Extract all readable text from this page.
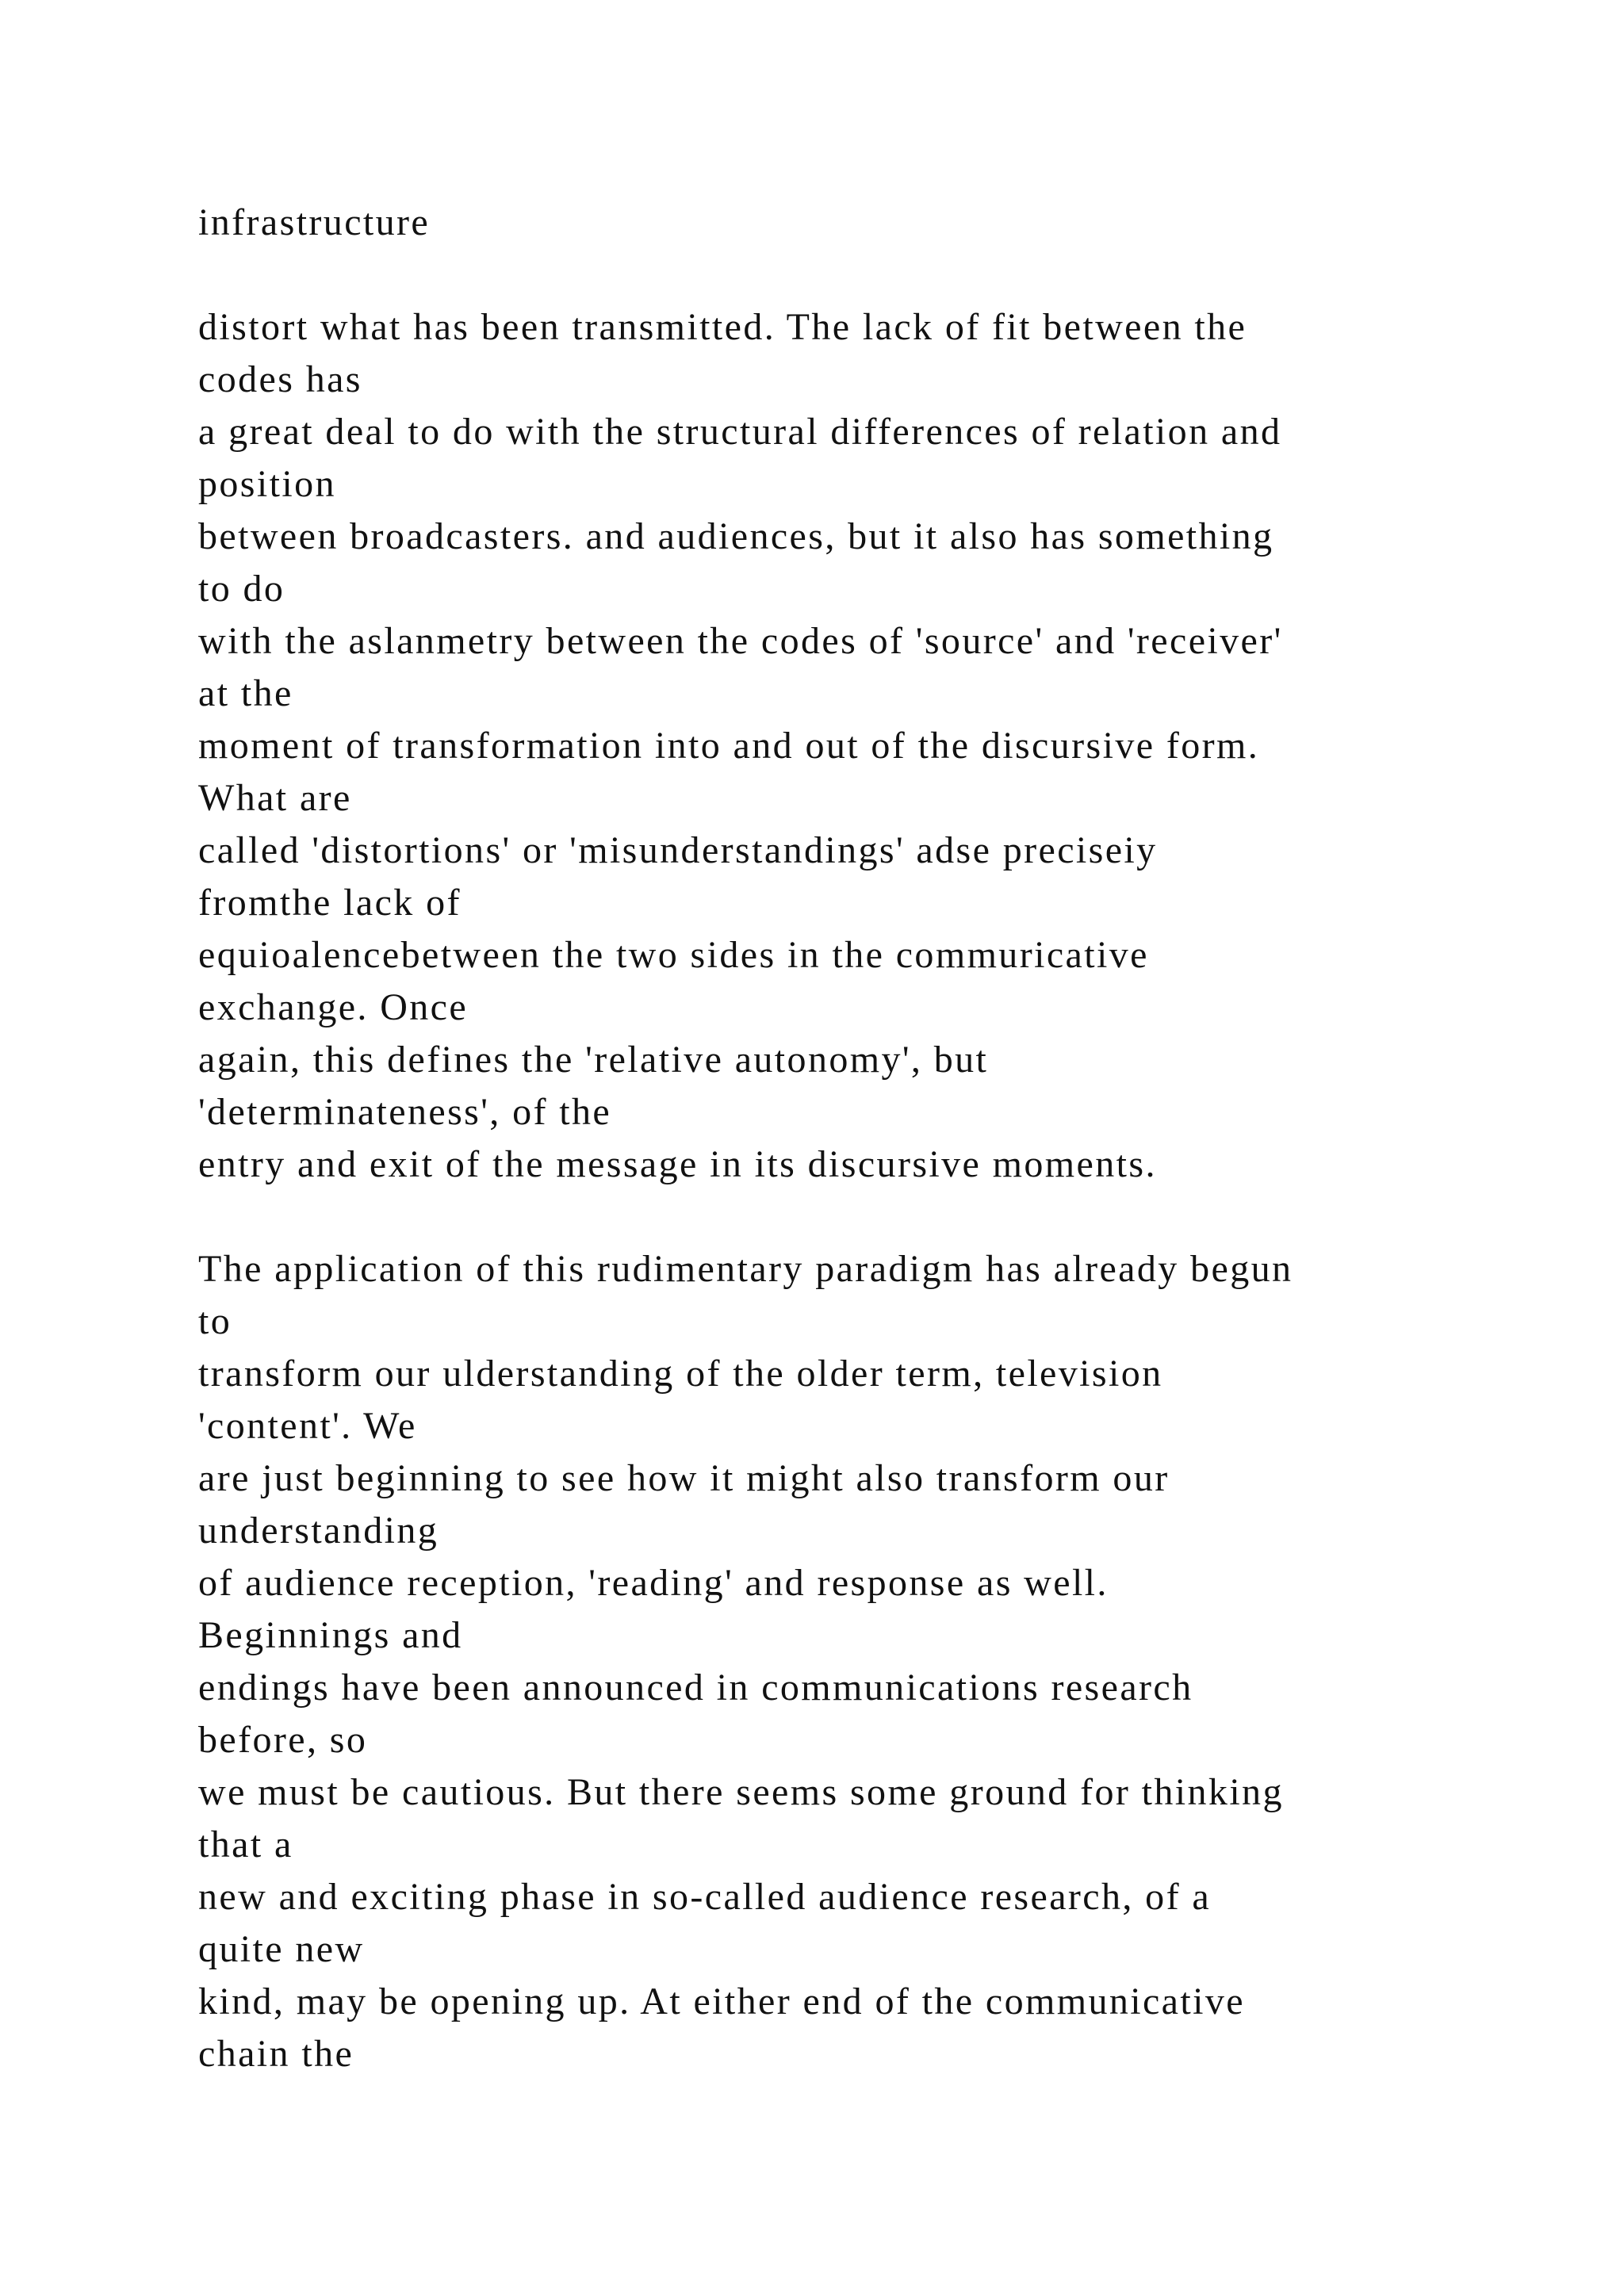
infrastructure
distort what has been transmitted. The lack of fit between the
codes has
a great deal to do with the structural differences of relation and
position
between broadcasters. and audiences, but it also has something
to do
with the aslanmetry between the codes of 'source' and 'receiver'
at the
moment of transformation into and out of the discursive form.
What are
called 'distortions' or 'misunderstandings' adse preciseiy
fromthe lack of
equioalencebetween the two sides in the commuricative
exchange. Once
again, this defines the 'relative autonomy', but
'determinateness', of the
entry and exit of the message in its discursive moments.
The application of this rudimentary paradigm has already begun
to
transform our ulderstanding of the older term, television
'content'. We
are just beginning to see how it might also transform our
understanding
of audience reception, 'reading' and response as well.
Beginnings and
endings have been announced in communications research
before, so
we must be cautious. But there seems some ground for thinking
that a
new and exciting phase in so-called audience research, of a
quite new
kind, may be opening up. At either end of the communicative
chain the
